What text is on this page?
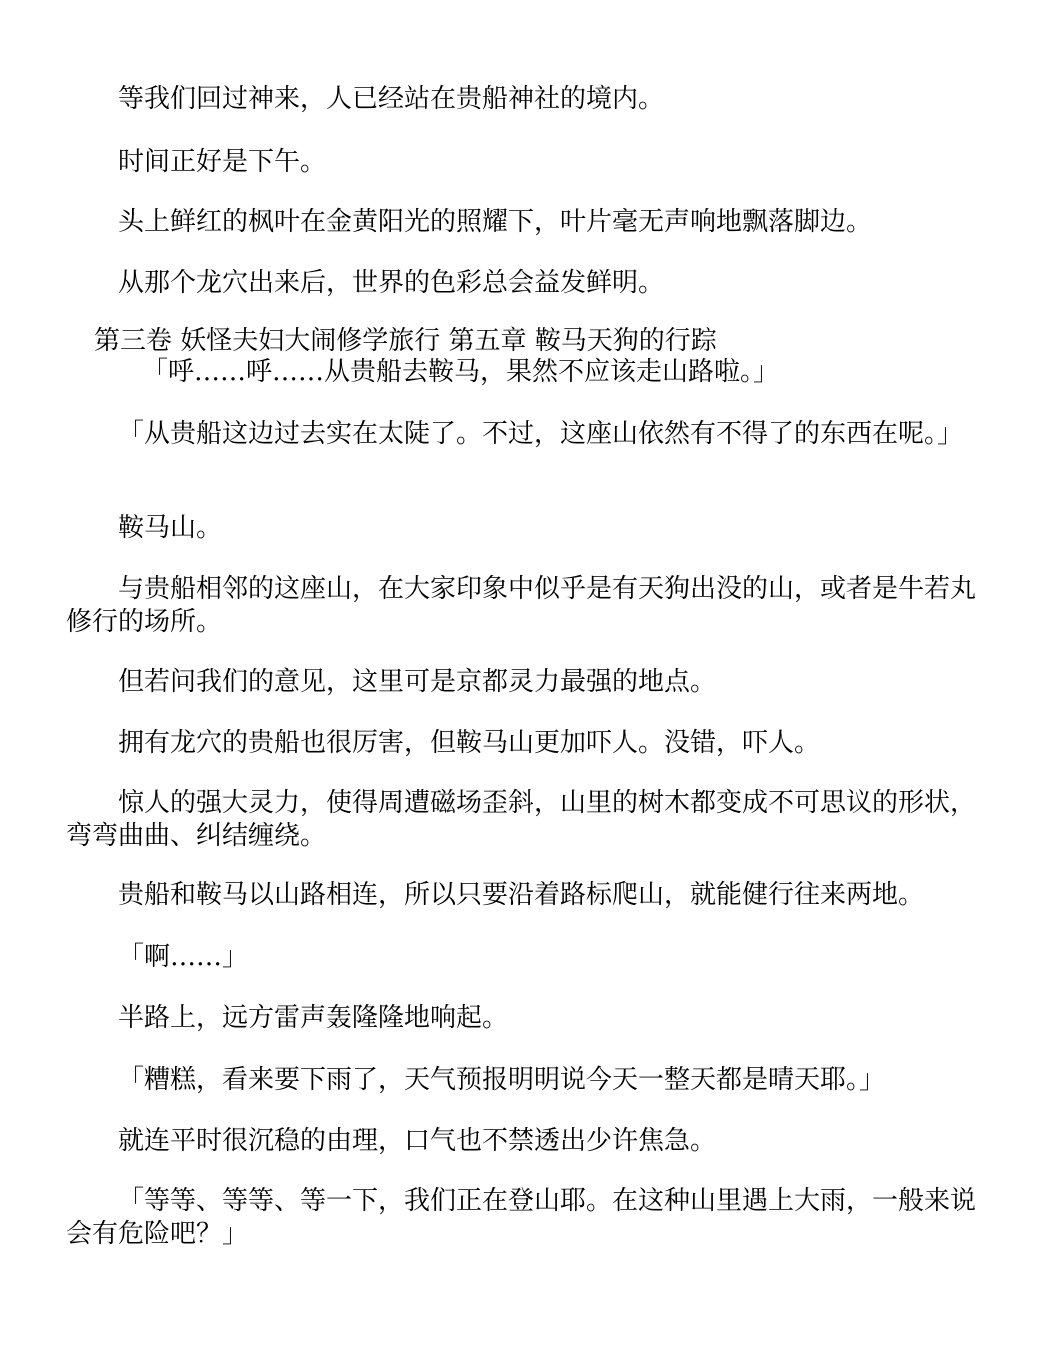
等我们回过神来，人已经站在贵船神社的境内。

时间正好是下午。

头上鲜红的枫叶在金黄阳光的照耀下，叶片毫无声响地飘落脚边。

从那个龙穴出来后，世界的色彩总会益发鲜明。

第三卷 妖怪夫妇大闹修学旅行 第五章 鞍马天狗的行踪

「呼……呼……从贵船去鞍马，果然不应该走山路啦。」

「从贵船这边过去实在太陡了。不过，这座山依然有不得了的东西在呢。」

鞍马山。

与贵船相邻的这座山，在大家印象中似乎是有天狗出没的山，或者是牛若丸修行的场所。

但若问我们的意见，这里可是京都灵力最强的地点。

拥有龙穴的贵船也很厉害，但鞍马山更加吓人。没错，吓人。

惊人的强大灵力，使得周遭磁场歪斜，山里的树木都变成不可思议的形状，弯弯曲曲、纠结缠绕。

贵船和鞍马以山路相连，所以只要沿着路标爬山，就能健行往来两地。

「啊……」

半路上，远方雷声轰隆隆地响起。

「糟糕，看来要下雨了，天气预报明明说今天一整天都是晴天耶。」

就连平时很沉稳的由理，口气也不禁透出少许焦急。

「等等、等等、等一下，我们正在登山耶。在这种山里遇上大雨，一般来说会有危险吧？」
